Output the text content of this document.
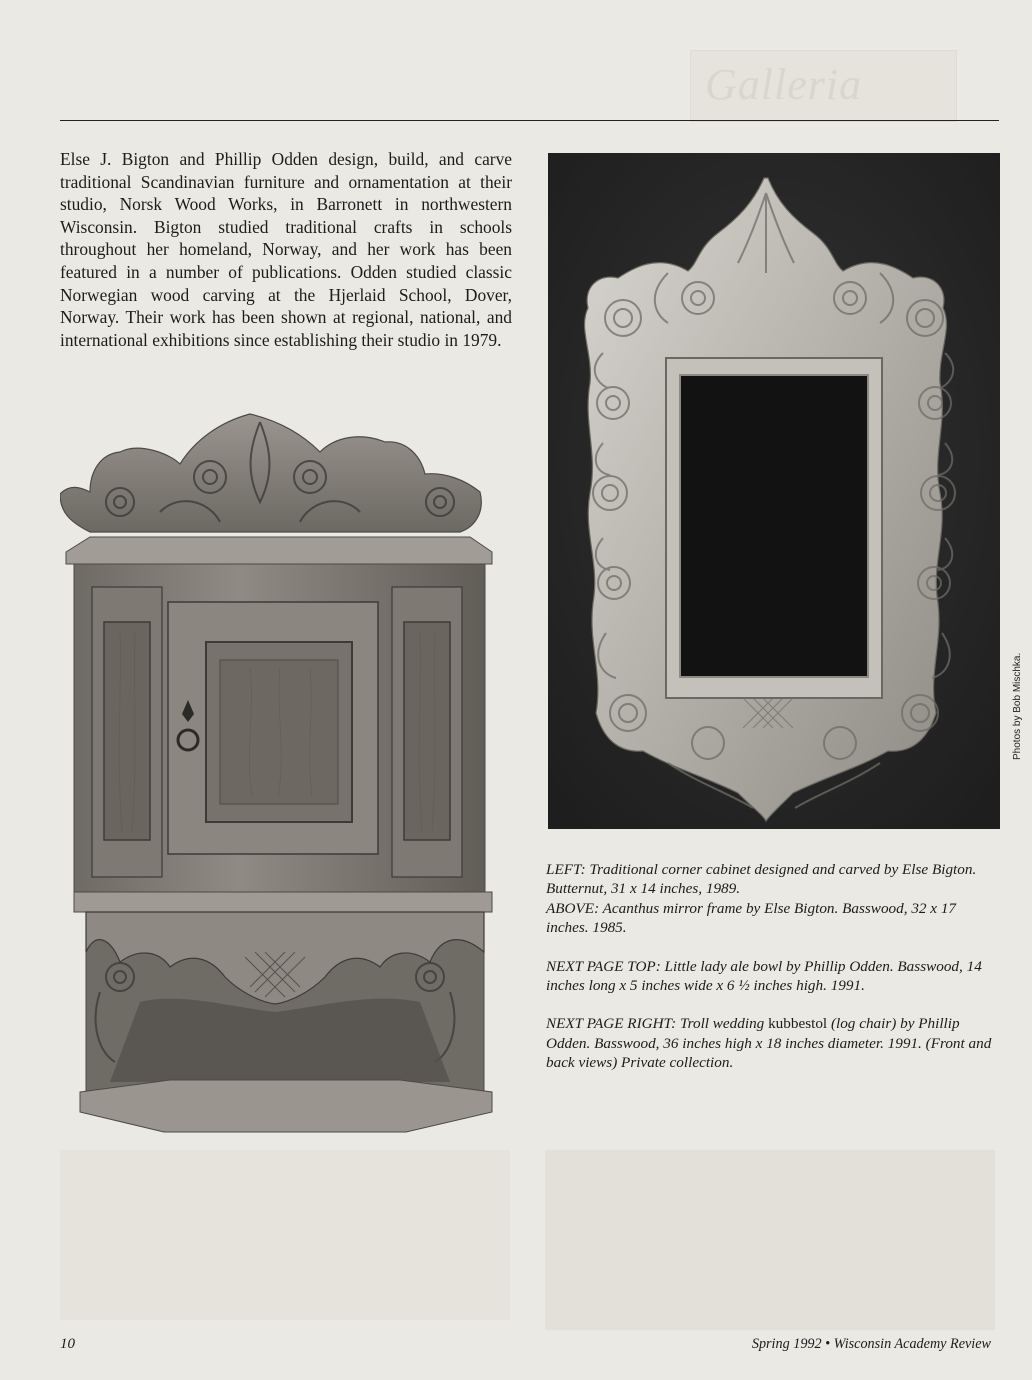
Galleria

Else J. Bigton and Phillip Odden design, build, and carve traditional Scandinavian furniture and ornamentation at their studio, Norsk Wood Works, in Barronett in northwestern Wisconsin. Bigton studied traditional crafts in schools throughout her homeland, Norway, and her work has been featured in a number of publications. Odden studied classic Norwegian wood carving at the Hjerlaid School, Dover, Norway. Their work has been shown at regional, national, and international exhibitions since establishing their studio in 1979.

Photos by Bob Mischka.

LEFT: Traditional corner cabinet designed and carved by Else Bigton. Butternut, 31 x 14 inches, 1989.

ABOVE: Acanthus mirror frame by Else Bigton. Basswood, 32 x 17 inches. 1985.

NEXT PAGE TOP: Little lady ale bowl by Phillip Odden. Basswood, 14 inches long x 5 inches wide x 6 ½ inches high. 1991.

NEXT PAGE RIGHT: Troll wedding kubbestol (log chair) by Phillip Odden. Basswood, 36 inches high x 18 inches diameter. 1991. (Front and back views) Private collection.

10	Spring 1992 • Wisconsin Academy Review
